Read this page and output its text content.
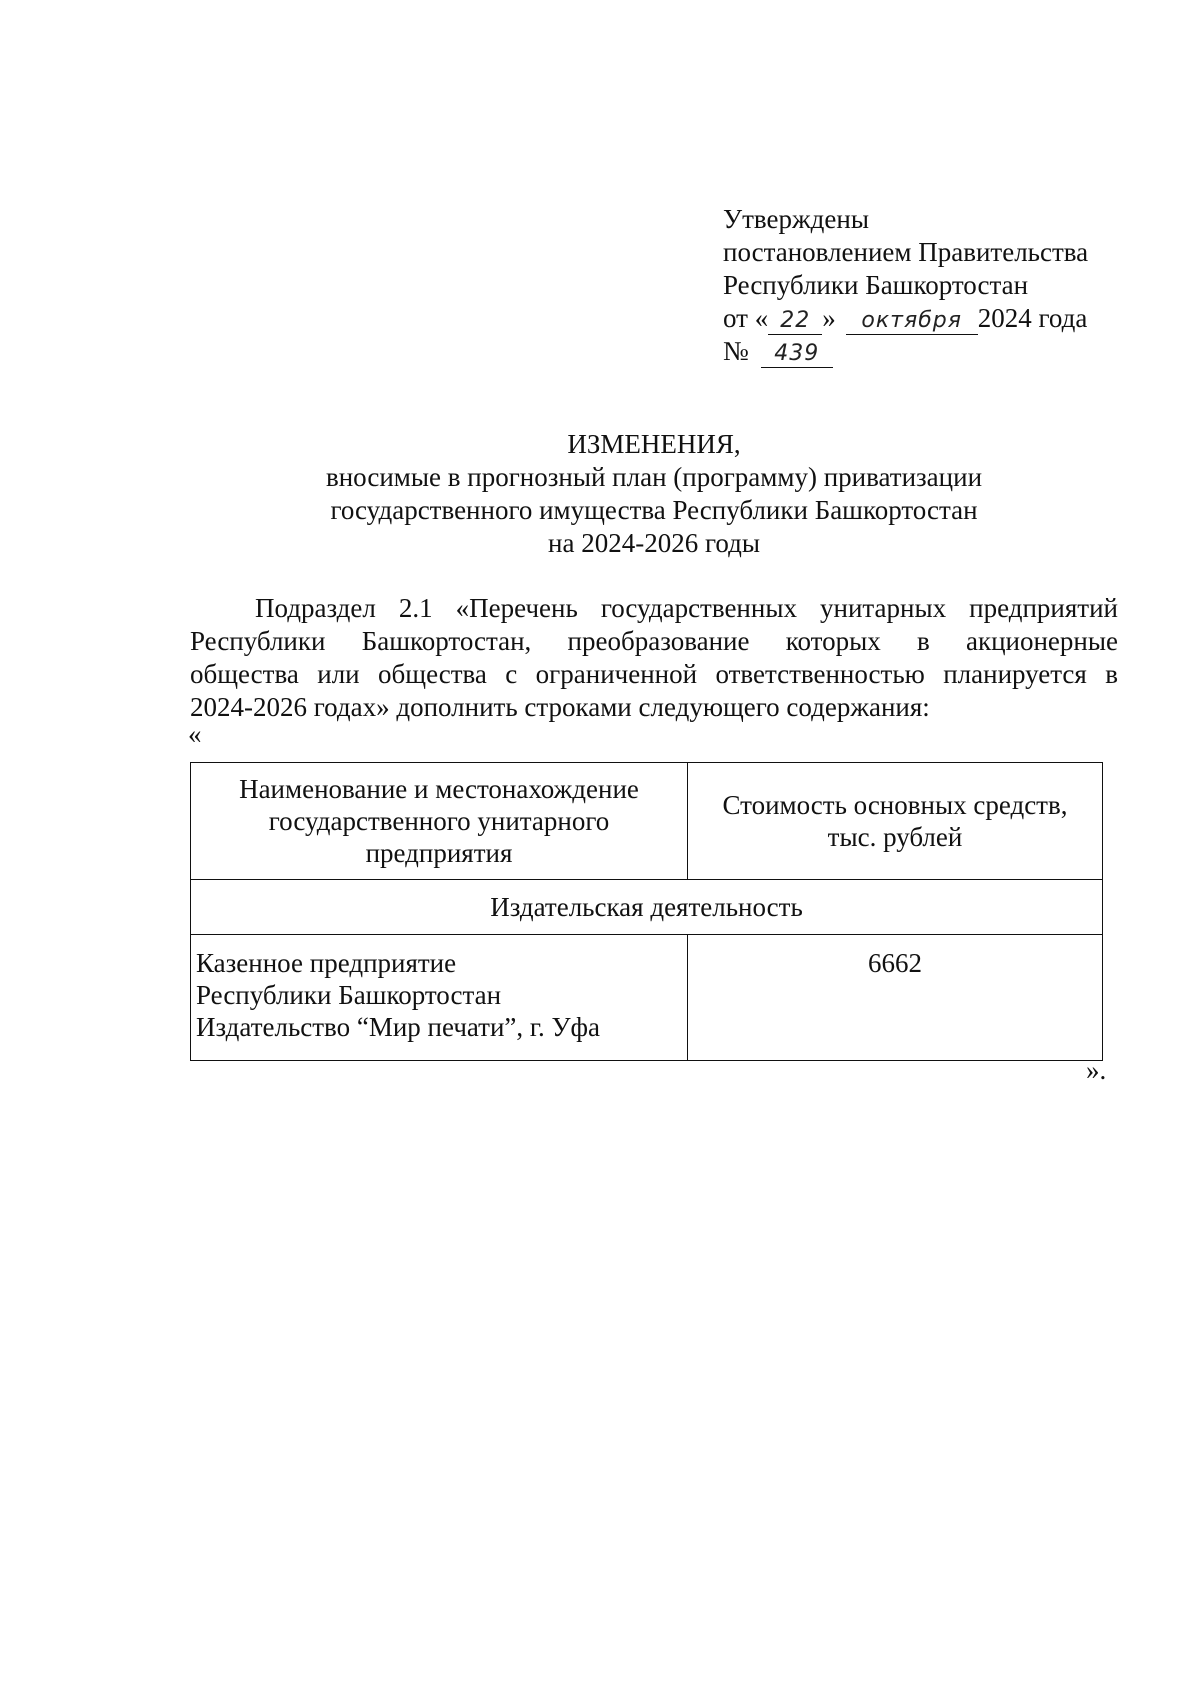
Утверждены
постановлением Правительства
Республики Башкортостан
от « 22 » октября 2024 года
№ 439
ИЗМЕНЕНИЯ,
вносимые в прогнозный план (программу) приватизации
государственного имущества Республики Башкортостан
на 2024-2026 годы
Подраздел 2.1 «Перечень государственных унитарных предприятий
Республики Башкортостан, преобразование которых в акционерные
общества или общества с ограниченной ответственностью планируется в
2024-2026 годах» дополнить строками следующего содержания:
«
Наименование и местонахождение
государственного унитарного
предприятия	Стоимость основных средств,
тыс. рублей

Издательская деятельность	

Казенное предприятие
Республики Башкортостан
Издательство “Мир печати”, г. Уфа	6662
».
